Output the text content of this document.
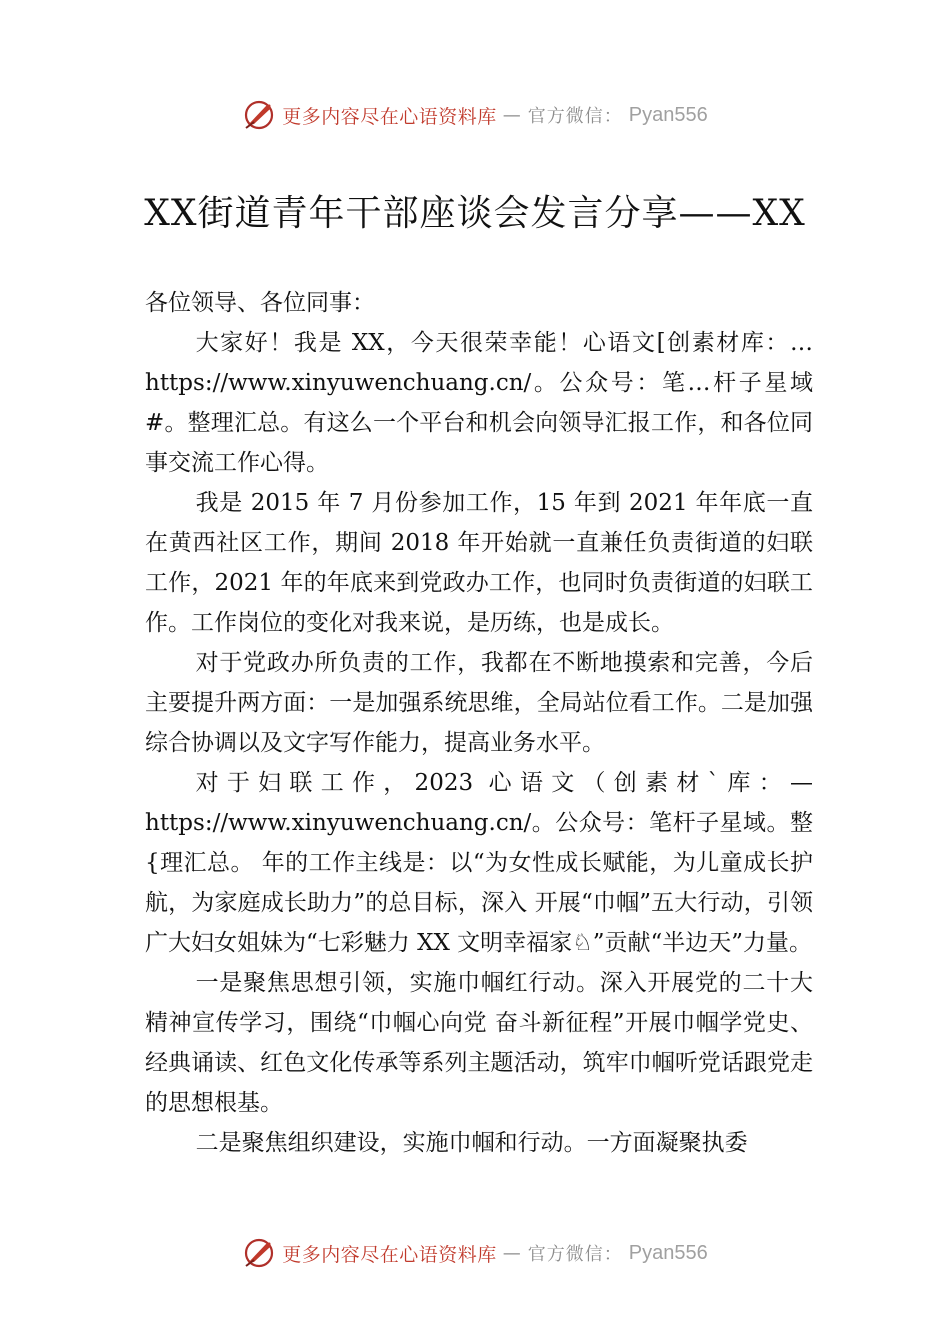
更多内容尽在心语资料库 — 官方微信： Pyan556
XX街道青年干部座谈会发言分享——XX

各位领导、各位同事：

大家好！我是 XX，今天很荣幸能！心语文[创素材库：…https://www.xinyuwenchuang.cn/。公众号：笔…杆子星域#。整理汇总。有这么一个平台和机会向领导汇报工作，和各位同事交流工作心得。

我是 2015 年 7 月份参加工作，15 年到 2021 年年底一直在黄西社区工作，期间 2018 年开始就一直兼任负责街道的妇联工作，2021 年的年底来到党政办工作，也同时负责街道的妇联工作。工作岗位的变化对我来说，是历练，也是成长。

对于党政办所负责的工作，我都在不断地摸索和完善，今后主要提升两方面：一是加强系统思维，全局站位看工作。二是加强综合协调以及文字写作能力，提高业务水平。

对于妇联工作，2023 心语文（创素材`库：—https://www.xinyuwenchuang.cn/。公众号：笔杆子星域。整{理汇总。 年的工作主线是：以“为女性成长赋能，为儿童成长护航，为家庭成长助力”的总目标，深入 开展“巾帼”五大行动，引领广大妇女姐妹为“七彩魅力 XX 文明幸福家♘”贡献“半边天”力量。

一是聚焦思想引领，实施巾帼红行动。深入开展党的二十大精神宣传学习，围绕“巾帼心向党 奋斗新征程”开展巾帼学党史、经典诵读、红色文化传承等系列主题活动，筑牢巾帼听党话跟党走的思想根基。

二是聚焦组织建设，实施巾帼和行动。一方面凝聚执委

更多内容尽在心语资料库 — 官方微信： Pyan556
